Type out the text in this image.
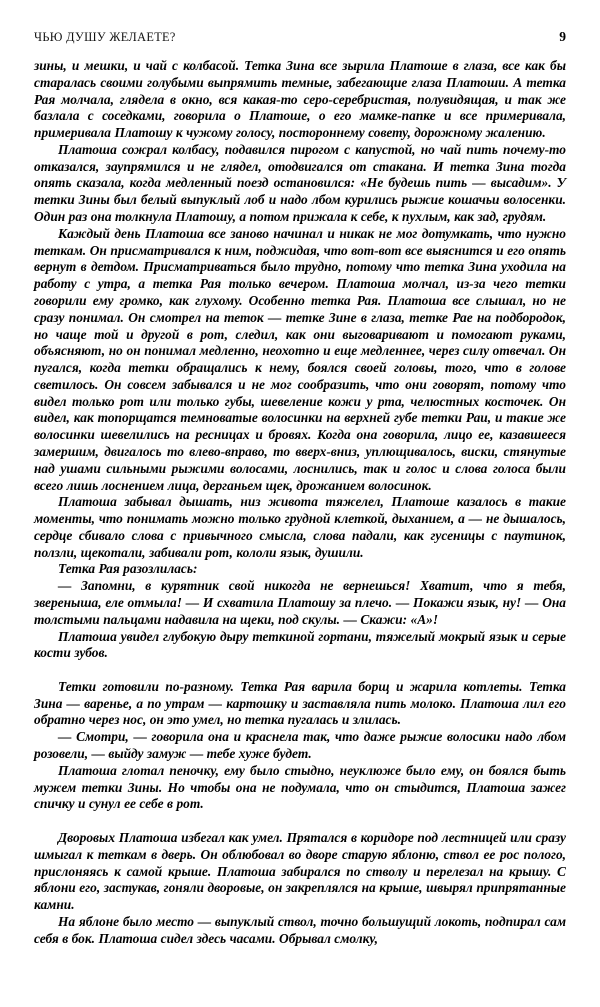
ЧЬЮ ДУШУ ЖЕЛАЕТЕ?	9

зины, и мешки, и чай с колбасой. Тетка Зина все зырила Платоше в глаза, все как бы старалась своими голубыми выпрямить темные, забегающие глаза Платоши. А тетка Рая молчала, глядела в окно, вся какая-то серо-серебристая, полувидящая, и так же базлала с соседками, говорила о Платоше, о его мамке-папке и все примеривала, примеривала Платошу к чужому голосу, постороннему совету, дорожному жалению.

Платоша сожрал колбасу, подавился пирогом с капустой, но чай пить почему-то отказался, заупрямился и не глядел, отодвигался от стакана. И тетка Зина тогда опять сказала, когда медленный поезд остановился: «Не будешь пить — высадим». У тетки Зины был белый выпуклый лоб и надо лбом курились рыжие кошачьи волосенки. Один раз она толкнула Платошу, а потом прижала к себе, к пухлым, как зад, грудям.

Каждый день Платоша все заново начинал и никак не мог дотумкать, что нужно теткам. Он присматривался к ним, поджидая, что вот-вот все выяснится и его опять вернут в детдом. Присматриваться было трудно, потому что тетка Зина уходила на работу с утра, а тетка Рая только вечером. Платоша молчал, из-за чего тетки говорили ему громко, как глухому. Особенно тетка Рая. Платоша все слышал, но не сразу понимал. Он смотрел на теток — тетке Зине в глаза, тетке Рае на подбородок, но чаще той и другой в рот, следил, как они выговаривают и помогают руками, объясняют, но он понимал медленно, неохотно и еще медленнее, через силу отвечал. Он пугался, когда тетки обращались к нему, боялся своей головы, того, что в голове светилось. Он совсем забывался и не мог сообразить, что они говорят, потому что видел только рот или только губы, шевеление кожи у рта, челюстных косточек. Он видел, как топорщатся темноватые волосинки на верхней губе тетки Раи, и такие же волосинки шевелились на ресницах и бровях. Когда она говорила, лицо ее, казавшееся замершим, двигалось то влево-вправо, то вверх-вниз, уплющивалось, виски, стянутые над ушами сильными рыжими волосами, лоснились, так и голос и слова голоса были всего лишь лоснением лица, дерганьем щек, дрожанием волосинок.

Платоша забывал дышать, низ живота тяжелел, Платоше казалось в такие моменты, что понимать можно только грудной клеткой, дыханием, а — не дышалось, сердце сбивало слова с привычного смысла, слова падали, как гусеницы с паутинок, ползли, щекотали, забивали рот, кололи язык, душили.

Тетка Рая разозлилась:

— Запомни, в курятник свой никогда не вернешься! Хватит, что я тебя, звереныша, еле отмыла! — И схватила Платошу за плечо. — Покажи язык, ну! — Она толстыми пальцами надавила на щеки, под скулы. — Скажи: «А»!

Платоша увидел глубокую дыру теткиной гортани, тяжелый мокрый язык и серые кости зубов.

Тетки готовили по-разному. Тетка Рая варила борщ и жарила котлеты. Тетка Зина — варенье, а по утрам — картошку и заставляла пить молоко. Платоша лил его обратно через нос, он это умел, но тетка пугалась и злилась.

— Смотри, — говорила она и краснела так, что даже рыжие волосики надо лбом розовели, — выйду замуж — тебе хуже будет.

Платоша глотал пеночку, ему было стыдно, неуклюже было ему, он боялся быть мужем тетки Зины. Но чтобы она не подумала, что он стыдится, Платоша зажег спичку и сунул ее себе в рот.

Дворовых Платоша избегал как умел. Прятался в коридоре под лестницей или сразу шмыгал к теткам в дверь. Он облюбовал во дворе старую яблоню, ствол ее рос полого, прислоняясь к самой крыше. Платоша забирался по стволу и перелезал на крышу. С яблони его, застукав, гоняли дворовые, он закреплялся на крыше, швырял припрятанные камни.

На яблоне было место — выпуклый ствол, точно большущий локоть, подпирал сам себя в бок. Платоша сидел здесь часами. Обрывал смолку,
